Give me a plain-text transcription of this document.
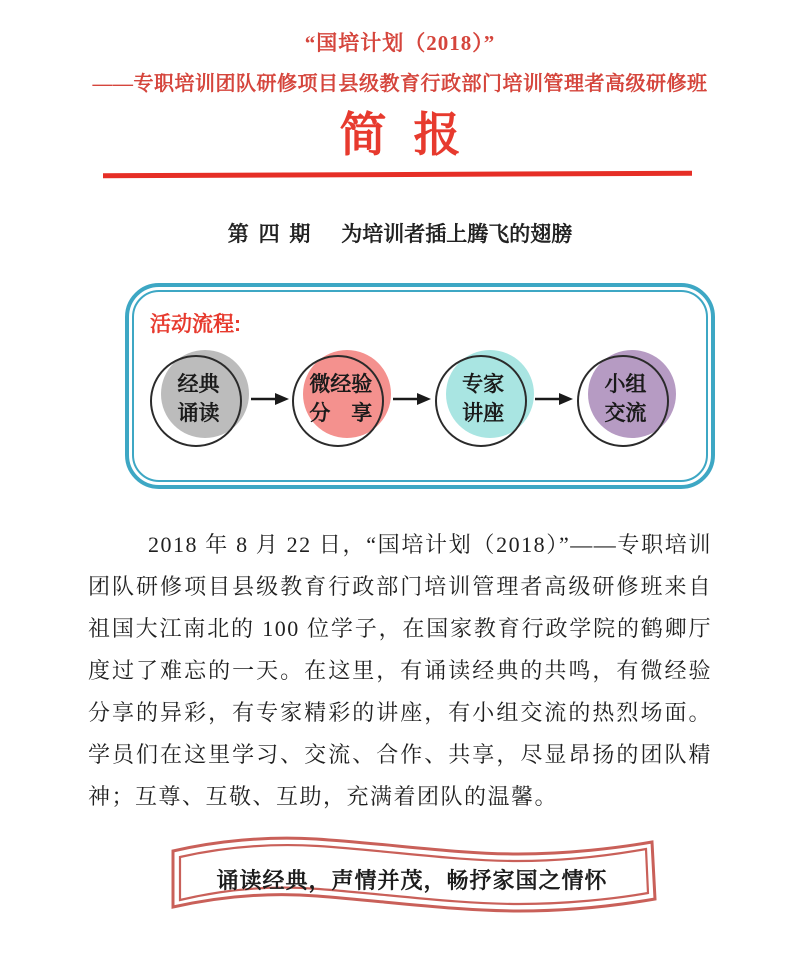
“国培计划（2018）”
——专职培训团队研修项目县级教育行政部门培训管理者高级研修班
简 报
第 四 期　 为培训者插上腾飞的翅膀
活动流程:
经典
诵读
微经验
分　享
专家
讲座
小组
交流

2018 年 8 月 22 日，“国培计划（2018）”——专职培训团队研修项目县级教育行政部门培训管理者高级研修班来自祖国大江南北的 100 位学子，在国家教育行政学院的鹤卿厅度过了难忘的一天。在这里，有诵读经典的共鸣，有微经验分享的异彩，有专家精彩的讲座，有小组交流的热烈场面。学员们在这里学习、交流、合作、共享，尽显昂扬的团队精神；互尊、互敬、互助，充满着团队的温馨。

诵读经典，声情并茂，畅抒家国之情怀
